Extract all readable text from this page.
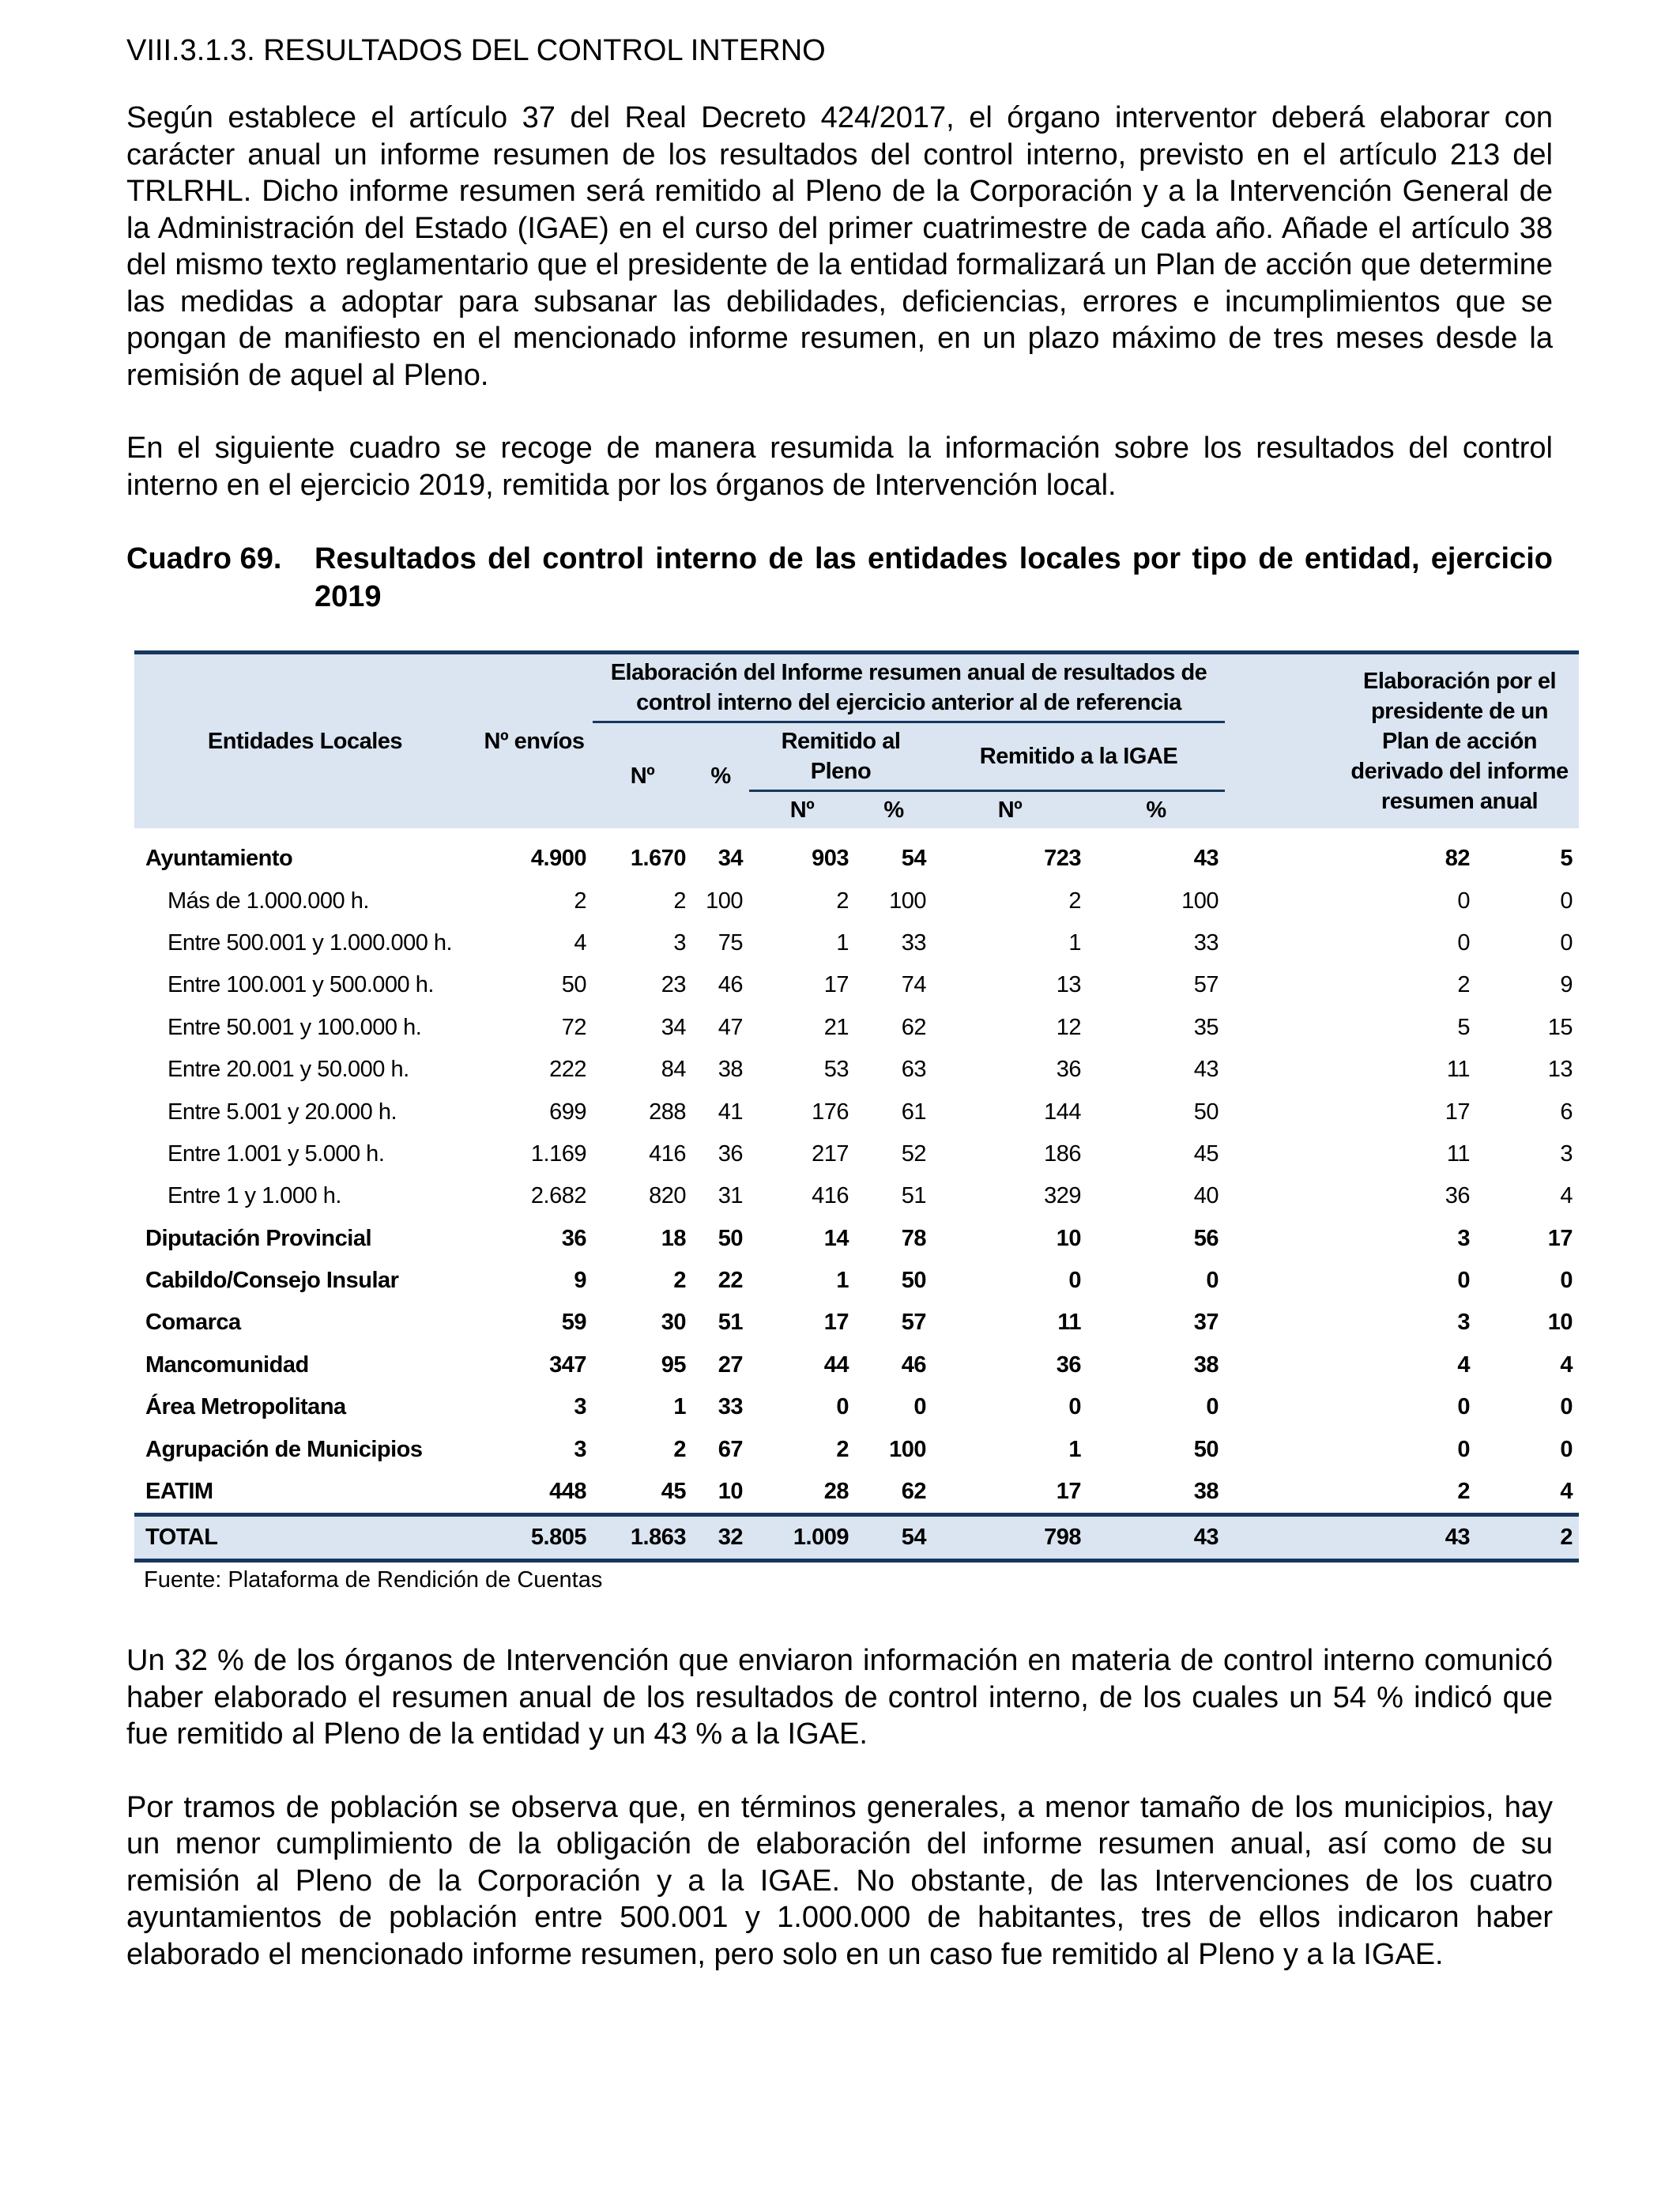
VIII.3.1.3. RESULTADOS DEL CONTROL INTERNO

Según establece el artículo 37 del Real Decreto 424/2017, el órgano interventor deberá elaborar con carácter anual un informe resumen de los resultados del control interno, previsto en el artículo 213 del TRLRHL. Dicho informe resumen será remitido al Pleno de la Corporación y a la Intervención General de la Administración del Estado (IGAE) en el curso del primer cuatrimestre de cada año. Añade el artículo 38 del mismo texto reglamentario que el presidente de la entidad formalizará un Plan de acción que determine las medidas a adoptar para subsanar las debilidades, deficiencias, errores e incumplimientos que se pongan de manifiesto en el mencionado informe resumen, en un plazo máximo de tres meses desde la remisión de aquel al Pleno.

En el siguiente cuadro se recoge de manera resumida la información sobre los resultados del control interno en el ejercicio 2019, remitida por los órganos de Intervención local.

Cuadro 69.	Resultados del control interno de las entidades locales por tipo de entidad, ejercicio 2019
Entidades Locales	Nº envíos	Elaboración del Informe resumen anual de resultados de control interno del ejercicio anterior al de referencia							Elaboración por el presidente de un Plan de acción derivado del informe resumen anual	
		Nº	%	Remitido al Pleno		Remitido a la IGAE				
				Nº	%	Nº	%			

Ayuntamiento	4.900	1.670	34	903	54	723	43		82	5
Más de 1.000.000 h.	2	2	100	2	100	2	100		0	0
Entre 500.001 y 1.000.000 h.	4	3	75	1	33	1	33		0	0
Entre 100.001 y 500.000 h.	50	23	46	17	74	13	57		2	9
Entre 50.001 y 100.000 h.	72	34	47	21	62	12	35		5	15
Entre 20.001 y 50.000 h.	222	84	38	53	63	36	43		11	13
Entre 5.001 y 20.000 h.	699	288	41	176	61	144	50		17	6
Entre 1.001 y 5.000 h.	1.169	416	36	217	52	186	45		11	3
Entre 1 y 1.000 h.	2.682	820	31	416	51	329	40		36	4
Diputación Provincial	36	18	50	14	78	10	56		3	17
Cabildo/Consejo Insular	9	2	22	1	50	0	0		0	0
Comarca	59	30	51	17	57	11	37		3	10
Mancomunidad	347	95	27	44	46	36	38		4	4
Área Metropolitana	3	1	33	0	0	0	0		0	0
Agrupación de Municipios	3	2	67	2	100	1	50		0	0
EATIM	448	45	10	28	62	17	38		2	4
TOTAL	5.805	1.863	32	1.009	54	798	43		43	2
Fuente: Plataforma de Rendición de Cuentas

Un 32 % de los órganos de Intervención que enviaron información en materia de control interno comunicó haber elaborado el resumen anual de los resultados de control interno, de los cuales un 54 % indicó que fue remitido al Pleno de la entidad y un 43 % a la IGAE.

Por tramos de población se observa que, en términos generales, a menor tamaño de los municipios, hay un menor cumplimiento de la obligación de elaboración del informe resumen anual, así como de su remisión al Pleno de la Corporación y a la IGAE. No obstante, de las Intervenciones de los cuatro ayuntamientos de población entre 500.001 y 1.000.000 de habitantes, tres de ellos indicaron haber elaborado el mencionado informe resumen, pero solo en un caso fue remitido al Pleno y a la IGAE.
